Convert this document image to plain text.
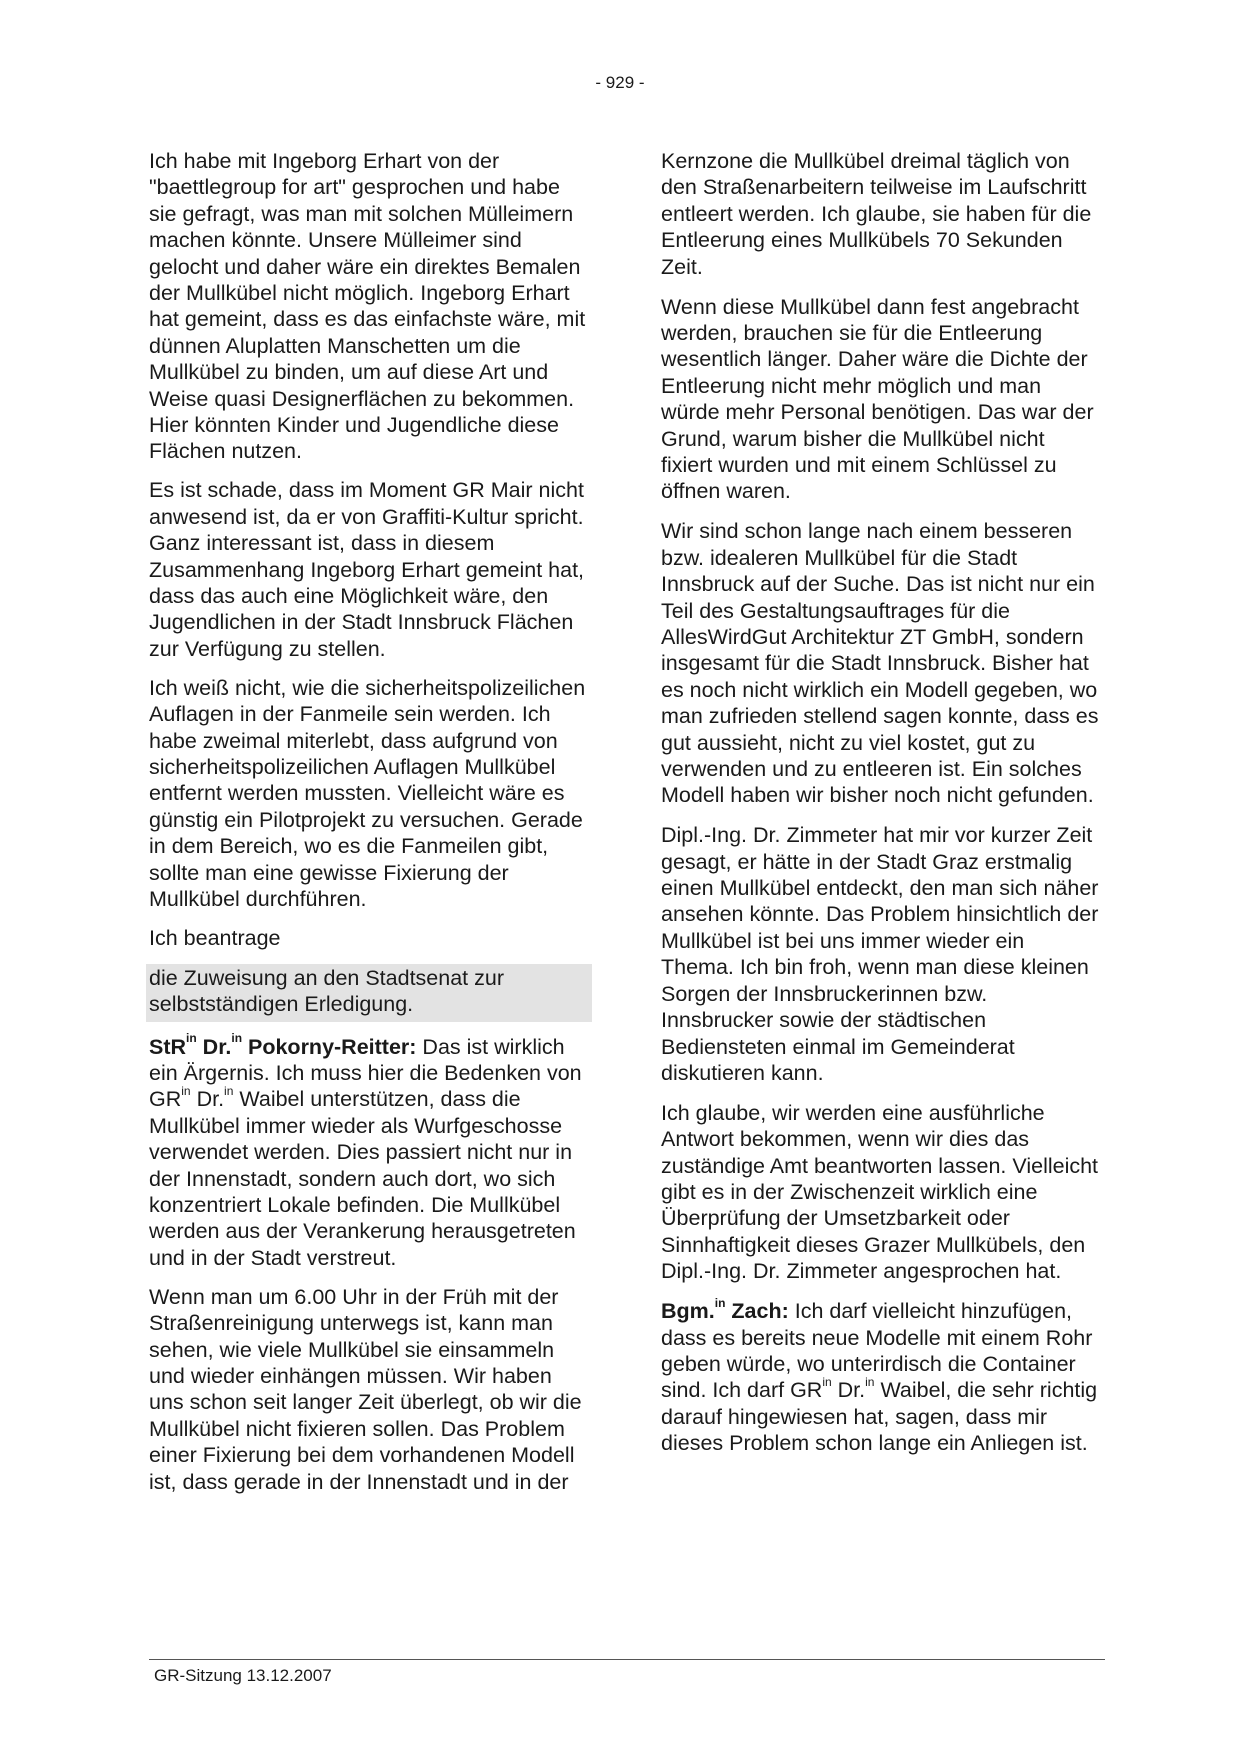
- 929 -

Ich habe mit Ingeborg Erhart von der "baettlegroup for art" gesprochen und habe sie gefragt, was man mit solchen Mülleimern machen könnte. Unsere Mülleimer sind gelocht und daher wäre ein direktes Bemalen der Mullkübel nicht möglich. Ingeborg Erhart hat gemeint, dass es das einfachste wäre, mit dünnen Aluplatten Manschetten um die Mullkübel zu binden, um auf diese Art und Weise quasi Designerflächen zu bekommen. Hier könnten Kinder und Jugendliche diese Flächen nutzen.

Es ist schade, dass im Moment GR Mair nicht anwesend ist, da er von Graffiti-Kultur spricht. Ganz interessant ist, dass in diesem Zusammenhang Ingeborg Erhart gemeint hat, dass das auch eine Möglichkeit wäre, den Jugendlichen in der Stadt Innsbruck Flächen zur Verfügung zu stellen.

Ich weiß nicht, wie die sicherheitspolizeilichen Auflagen in der Fanmeile sein werden. Ich habe zweimal miterlebt, dass aufgrund von sicherheitspolizeilichen Auflagen Mullkübel entfernt werden mussten. Vielleicht wäre es günstig ein Pilotprojekt zu versuchen. Gerade in dem Bereich, wo es die Fanmeilen gibt, sollte man eine gewisse Fixierung der Mullkübel durchführen.

Ich beantrage

die Zuweisung an den Stadtsenat zur selbstständigen Erledigung.

StR$^{in}$ Dr.$^{in}$ Pokorny-Reitter: Das ist wirklich ein Ärgernis. Ich muss hier die Bedenken von $GR^{in}$ Dr.$^{in}$ Waibel unterstützen, dass die Mullkübel immer wieder als Wurfgeschosse verwendet werden. Dies passiert nicht nur in der Innenstadt, sondern auch dort, wo sich konzentriert Lokale befinden. Die Mullkübel werden aus der Verankerung herausgetreten und in der Stadt verstreut.

Wenn man um 6.00 Uhr in der Früh mit der Straßenreinigung unterwegs ist, kann man sehen, wie viele Mullkübel sie einsammeln und wieder einhängen müssen. Wir haben uns schon seit langer Zeit überlegt, ob wir die Mullkübel nicht fixieren sollen. Das Problem einer Fixierung bei dem vorhandenen Modell ist, dass gerade in der Innenstadt und in der

Kernzone die Mullkübel dreimal täglich von den Straßenarbeitern teilweise im Laufschritt entleert werden. Ich glaube, sie haben für die Entleerung eines Mullkübels 70 Sekunden Zeit.

Wenn diese Mullkübel dann fest angebracht werden, brauchen sie für die Entleerung wesentlich länger. Daher wäre die Dichte der Entleerung nicht mehr möglich und man würde mehr Personal benötigen. Das war der Grund, warum bisher die Mullkübel nicht fixiert wurden und mit einem Schlüssel zu öffnen waren.

Wir sind schon lange nach einem besseren bzw. idealeren Mullkübel für die Stadt Innsbruck auf der Suche. Das ist nicht nur ein Teil des Gestaltungsauftrages für die AllesWirdGut Architektur ZT GmbH, sondern insgesamt für die Stadt Innsbruck. Bisher hat es noch nicht wirklich ein Modell gegeben, wo man zufrieden stellend sagen konnte, dass es gut aussieht, nicht zu viel kostet, gut zu verwenden und zu entleeren ist. Ein solches Modell haben wir bisher noch nicht gefunden.

Dipl.-Ing. Dr. Zimmeter hat mir vor kurzer Zeit gesagt, er hätte in der Stadt Graz erstmalig einen Mullkübel entdeckt, den man sich näher ansehen könnte. Das Problem hinsichtlich der Mullkübel ist bei uns immer wieder ein Thema. Ich bin froh, wenn man diese kleinen Sorgen der Innsbruckerinnen bzw. Innsbrucker sowie der städtischen Bediensteten einmal im Gemeinderat diskutieren kann.

Ich glaube, wir werden eine ausführliche Antwort bekommen, wenn wir dies das zuständige Amt beantworten lassen. Vielleicht gibt es in der Zwischenzeit wirklich eine Überprüfung der Umsetzbarkeit oder Sinnhaftigkeit dieses Grazer Mullkübels, den Dipl.-Ing. Dr. Zimmeter angesprochen hat.

Bgm.$^{in}$ Zach: Ich darf vielleicht hinzufügen, dass es bereits neue Modelle mit einem Rohr geben würde, wo unterirdisch die Container sind. Ich darf $GR^{in}$ Dr.$^{in}$ Waibel, die sehr richtig darauf hingewiesen hat, sagen, dass mir dieses Problem schon lange ein Anliegen ist.

GR-Sitzung 13.12.2007
